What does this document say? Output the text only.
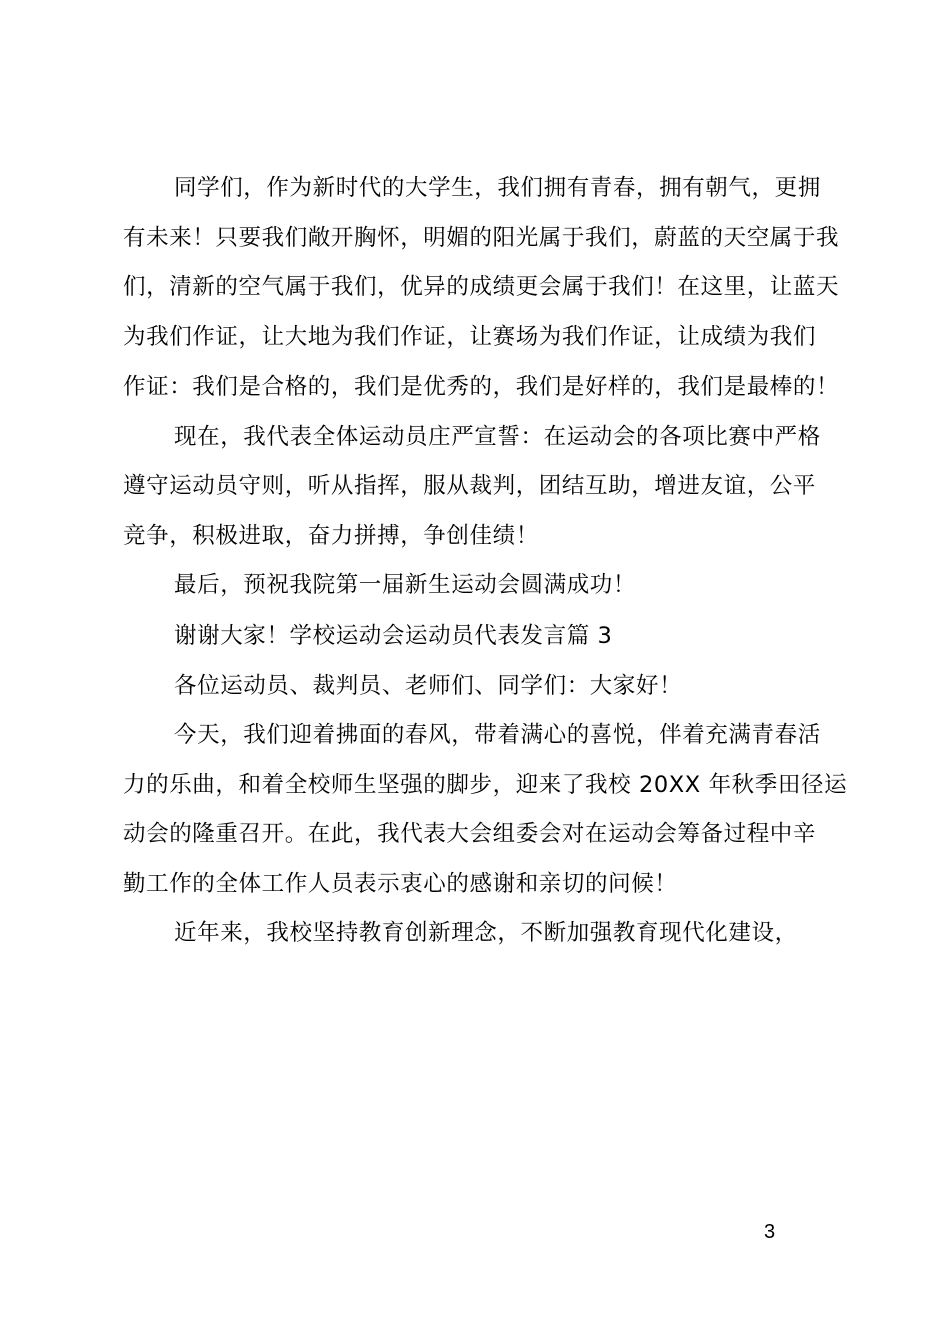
同学们，作为新时代的大学生，我们拥有青春，拥有朝气，更拥
有未来！只要我们敞开胸怀，明媚的阳光属于我们，蔚蓝的天空属于我
们，清新的空气属于我们，优异的成绩更会属于我们！在这里，让蓝天
为我们作证，让大地为我们作证，让赛场为我们作证，让成绩为我们
作证：我们是合格的，我们是优秀的，我们是好样的，我们是最棒的！
现在，我代表全体运动员庄严宣誓：在运动会的各项比赛中严格
遵守运动员守则，听从指挥，服从裁判，团结互助，增进友谊，公平
竞争，积极进取，奋力拼搏，争创佳绩！
最后，预祝我院第一届新生运动会圆满成功！
谢谢大家！学校运动会运动员代表发言篇 3
各位运动员、裁判员、老师们、同学们：大家好！
今天，我们迎着拂面的春风，带着满心的喜悦，伴着充满青春活
力的乐曲，和着全校师生坚强的脚步，迎来了我校 20XX 年秋季田径运
动会的隆重召开。在此，我代表大会组委会对在运动会筹备过程中辛
勤工作的全体工作人员表示衷心的感谢和亲切的问候！
近年来，我校坚持教育创新理念，不断加强教育现代化建设，
3
